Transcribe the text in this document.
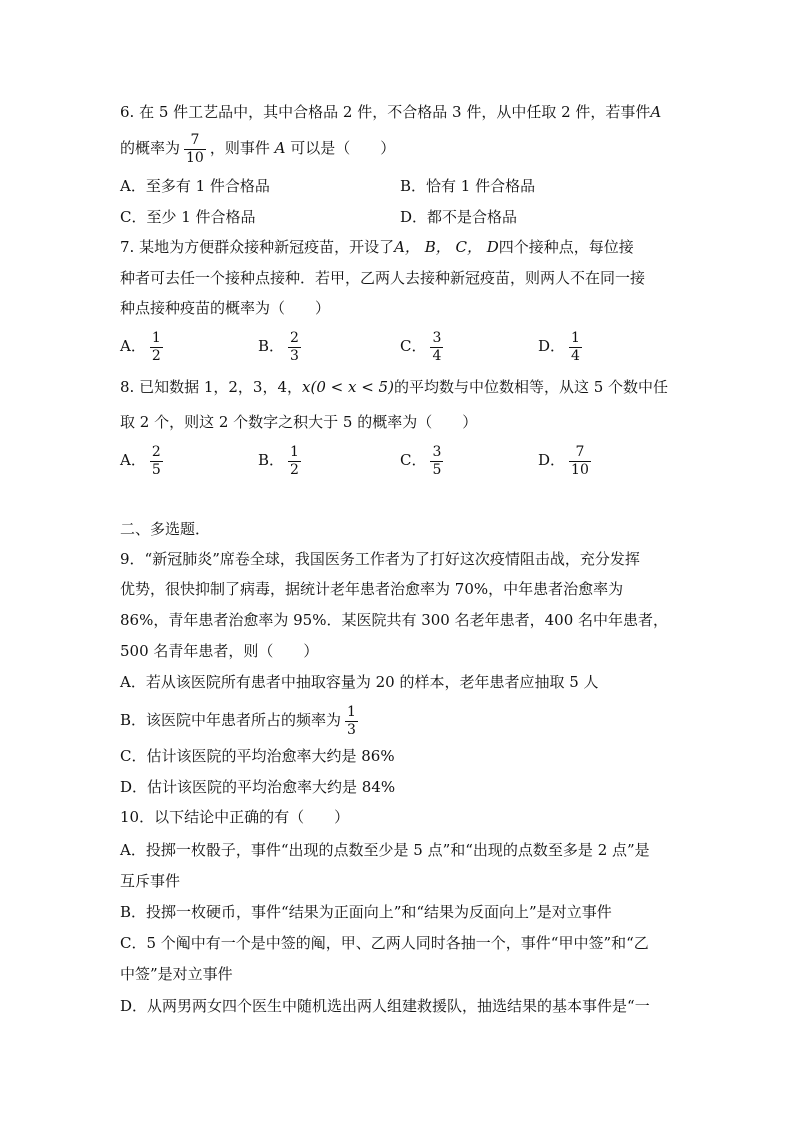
6. 在 5 件工艺品中，其中合格品 2 件，不合格品 3 件，从中任取 2 件，若事件A
的概率为 $\frac{7}{10}$ ，则事件 A 可以是（　　）
A．至多有 1 件合格品	B．恰有 1 件合格品
C．至少 1 件合格品	D．都不是合格品
7. 某地为方便群众接种新冠疫苗，开设了A， B， C， D四个接种点，每位接
种者可去任一个接种点接种．若甲，乙两人去接种新冠疫苗，则两人不在同一接
种点接种疫苗的概率为（　　）
A． $\frac{1}{2}$	B． $\frac{2}{3}$	C． $\frac{3}{4}$	D． $\frac{1}{4}$
8. 已知数据 1，2，3，4，x(0 < x < 5)的平均数与中位数相等，从这 5 个数中任
取 2 个，则这 2 个数字之积大于 5 的概率为（　　）
A． $\frac{2}{5}$	B． $\frac{1}{2}$	C． $\frac{3}{5}$	D． $\frac{7}{10}$
二、多选题．
9．“新冠肺炎”席卷全球，我国医务工作者为了打好这次疫情阻击战，充分发挥
优势，很快抑制了病毒，据统计老年患者治愈率为 70%，中年患者治愈率为
86%，青年患者治愈率为 95%．某医院共有 300 名老年患者，400 名中年患者，
500 名青年患者，则（　　）
A．若从该医院所有患者中抽取容量为 20 的样本，老年患者应抽取 5 人
B．该医院中年患者所占的频率为 $\frac{1}{3}$
C．估计该医院的平均治愈率大约是 86%
D．估计该医院的平均治愈率大约是 84%
10．以下结论中正确的有（　　）
A．投掷一枚骰子，事件“出现的点数至少是 5 点”和“出现的点数至多是 2 点”是
互斥事件
B．投掷一枚硬币，事件“结果为正面向上”和“结果为反面向上”是对立事件
C．5 个阄中有一个是中签的阄，甲、乙两人同时各抽一个，事件“甲中签”和“乙
中签”是对立事件
D．从两男两女四个医生中随机选出两人组建救援队，抽选结果的基本事件是“一
